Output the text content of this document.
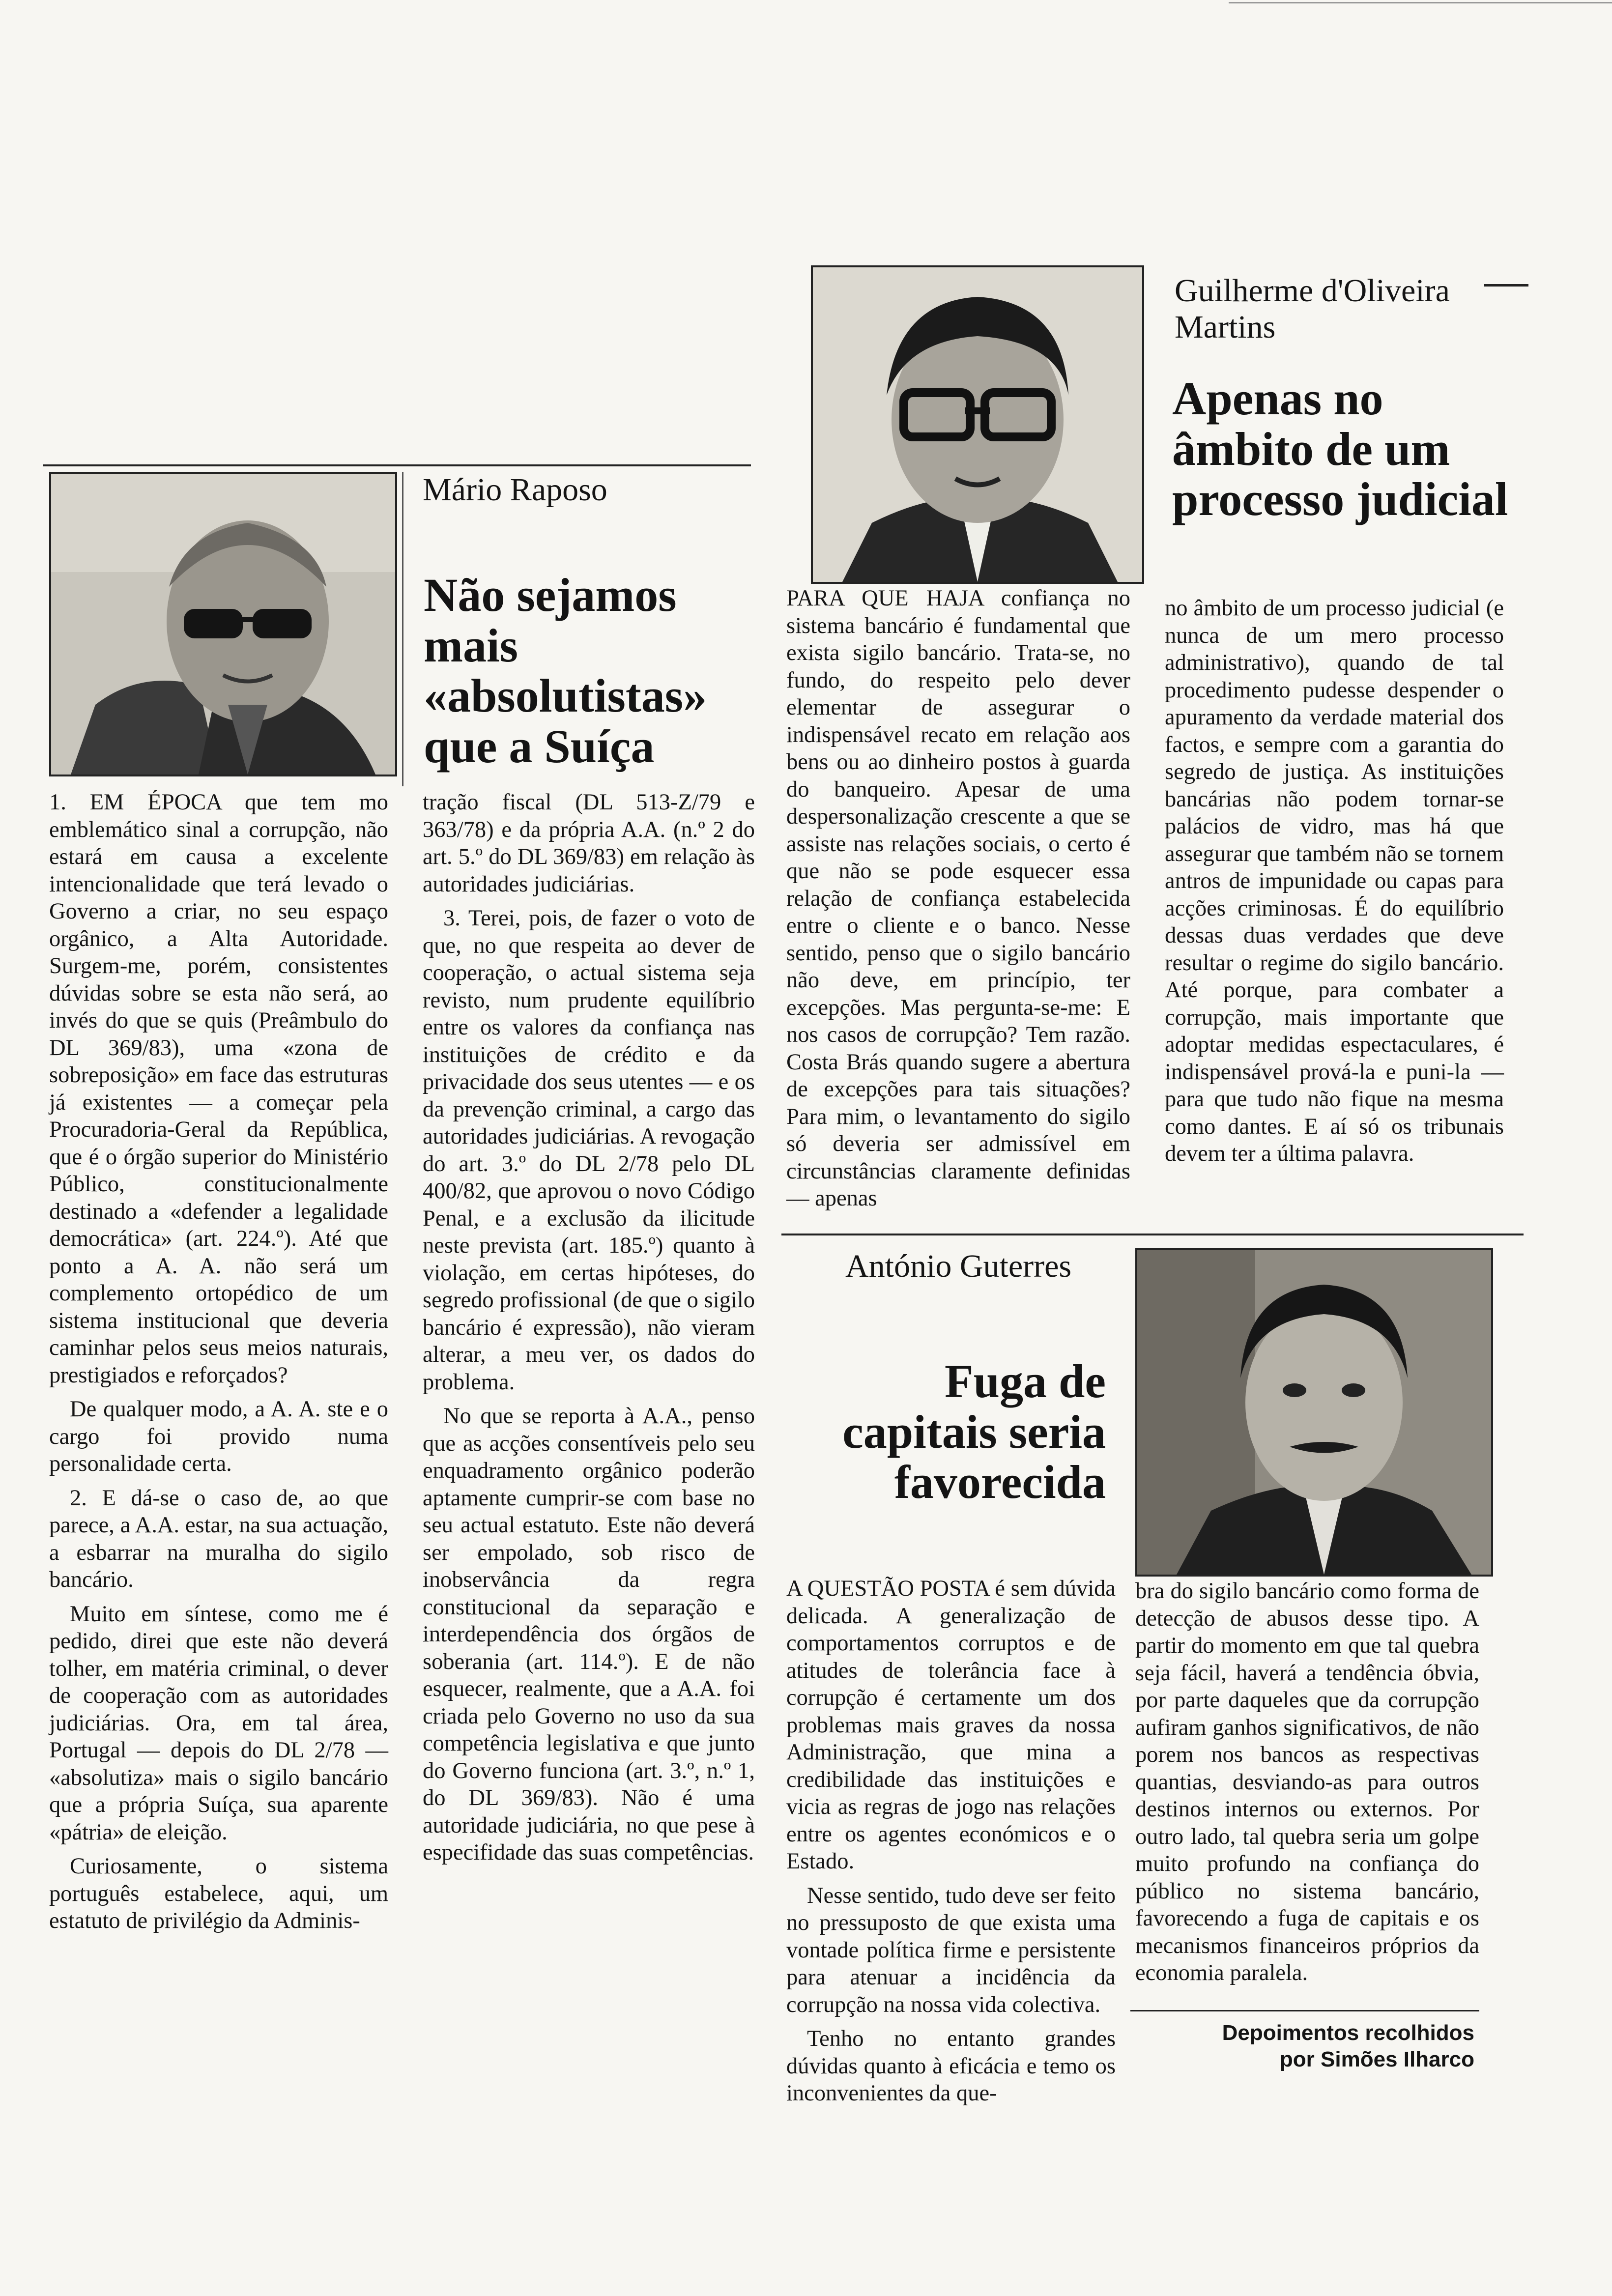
Mário Raposo
Não sejamos mais «absolutistas» que a Suíça

1. EM ÉPOCA que tem mo emblemático sinal a corrupção, não estará em causa a excelente intencionalidade que terá levado o Governo a criar, no seu espaço orgânico, a Alta Autoridade. Surgem-me, porém, consistentes dúvidas sobre se esta não será, ao invés do que se quis (Preâmbulo do DL 369/83), uma «zona de sobreposição» em face das estruturas já existentes — a começar pela Procuradoria-Geral da República, que é o órgão superior do Ministério Público, constitucionalmente destinado a «defender a legalidade democrática» (art. 224.º). Até que ponto a A. A. não será um complemento ortopédico de um sistema institucional que deveria caminhar pelos seus meios naturais, prestigiados e reforçados?

De qualquer modo, a A. A. ste e o cargo foi provido numa personalidade certa.

2. E dá-se o caso de, ao que parece, a A.A. estar, na sua actuação, a esbarrar na muralha do sigilo bancário.

Muito em síntese, como me é pedido, direi que este não deverá tolher, em matéria criminal, o dever de cooperação com as autoridades judiciárias. Ora, em tal área, Portugal — depois do DL 2/78 — «absolutiza» mais o sigilo bancário que a própria Suíça, sua aparente «pátria» de eleição.

Curiosamente, o sistema português estabelece, aqui, um estatuto de privilégio da Adminis-

tração fiscal (DL 513-Z/79 e 363/78) e da própria A.A. (n.º 2 do art. 5.º do DL 369/83) em relação às autoridades judiciárias.

3. Terei, pois, de fazer o voto de que, no que respeita ao dever de cooperação, o actual sistema seja revisto, num prudente equilíbrio entre os valores da confiança nas instituições de crédito e da privacidade dos seus utentes — e os da prevenção criminal, a cargo das autoridades judiciárias. A revogação do art. 3.º do DL 2/78 pelo DL 400/82, que aprovou o novo Código Penal, e a exclusão da ilicitude neste prevista (art. 185.º) quanto à violação, em certas hipóteses, do segredo profissional (de que o sigilo bancário é expressão), não vieram alterar, a meu ver, os dados do problema.

No que se reporta à A.A., penso que as acções consentíveis pelo seu enquadramento orgânico poderão aptamente cumprir-se com base no seu actual estatuto. Este não deverá ser empolado, sob risco de inobservância da regra constitucional da separação e interdependência dos órgãos de soberania (art. 114.º). E de não esquecer, realmente, que a A.A. foi criada pelo Governo no uso da sua competência legislativa e que junto do Governo funciona (art. 3.º, n.º 1, do DL 369/83). Não é uma autoridade judiciária, no que pese à especifidade das suas competências.

Guilherme d'Oliveira Martins
Apenas no âmbito de um processo judicial

PARA QUE HAJA confiança no sistema bancário é fundamental que exista sigilo bancário. Trata-se, no fundo, do respeito pelo dever elementar de assegurar o indispensável recato em relação aos bens ou ao dinheiro postos à guarda do banqueiro. Apesar de uma despersonalização crescente a que se assiste nas relações sociais, o certo é que não se pode esquecer essa relação de confiança estabelecida entre o cliente e o banco. Nesse sentido, penso que o sigilo bancário não deve, em princípio, ter excepções. Mas pergunta-se-me: E nos casos de corrupção? Tem razão. Costa Brás quando sugere a abertura de excepções para tais situações? Para mim, o levantamento do sigilo só deveria ser admissível em circunstâncias claramente definidas — apenas

no âmbito de um processo judicial (e nunca de um mero processo administrativo), quando de tal procedimento pudesse despender o apuramento da verdade material dos factos, e sempre com a garantia do segredo de justiça. As instituições bancárias não podem tornar-se palácios de vidro, mas há que assegurar que também não se tornem antros de impunidade ou capas para acções criminosas. É do equilíbrio dessas duas verdades que deve resultar o regime do sigilo bancário. Até porque, para combater a corrupção, mais importante que adoptar medidas espectaculares, é indispensável prová-la e puni-la — para que tudo não fique na mesma como dantes. E aí só os tribunais devem ter a última palavra.

António Guterres
Fuga de capitais seria favorecida

A QUESTÃO POSTA é sem dúvida delicada. A generalização de comportamentos corruptos e de atitudes de tolerância face à corrupção é certamente um dos problemas mais graves da nossa Administração, que mina a credibilidade das instituições e vicia as regras de jogo nas relações entre os agentes económicos e o Estado.

Nesse sentido, tudo deve ser feito no pressuposto de que exista uma vontade política firme e persistente para atenuar a incidência da corrupção na nossa vida colectiva.

Tenho no entanto grandes dúvidas quanto à eficácia e temo os inconvenientes da que-

bra do sigilo bancário como forma de detecção de abusos desse tipo. A partir do momento em que tal quebra seja fácil, haverá a tendência óbvia, por parte daqueles que da corrupção aufiram ganhos significativos, de não porem nos bancos as respectivas quantias, desviando-as para outros destinos internos ou externos. Por outro lado, tal quebra seria um golpe muito profundo na confiança do público no sistema bancário, favorecendo a fuga de capitais e os mecanismos financeiros próprios da economia paralela.

Depoimentos recolhidos
por Simões Ilharco
